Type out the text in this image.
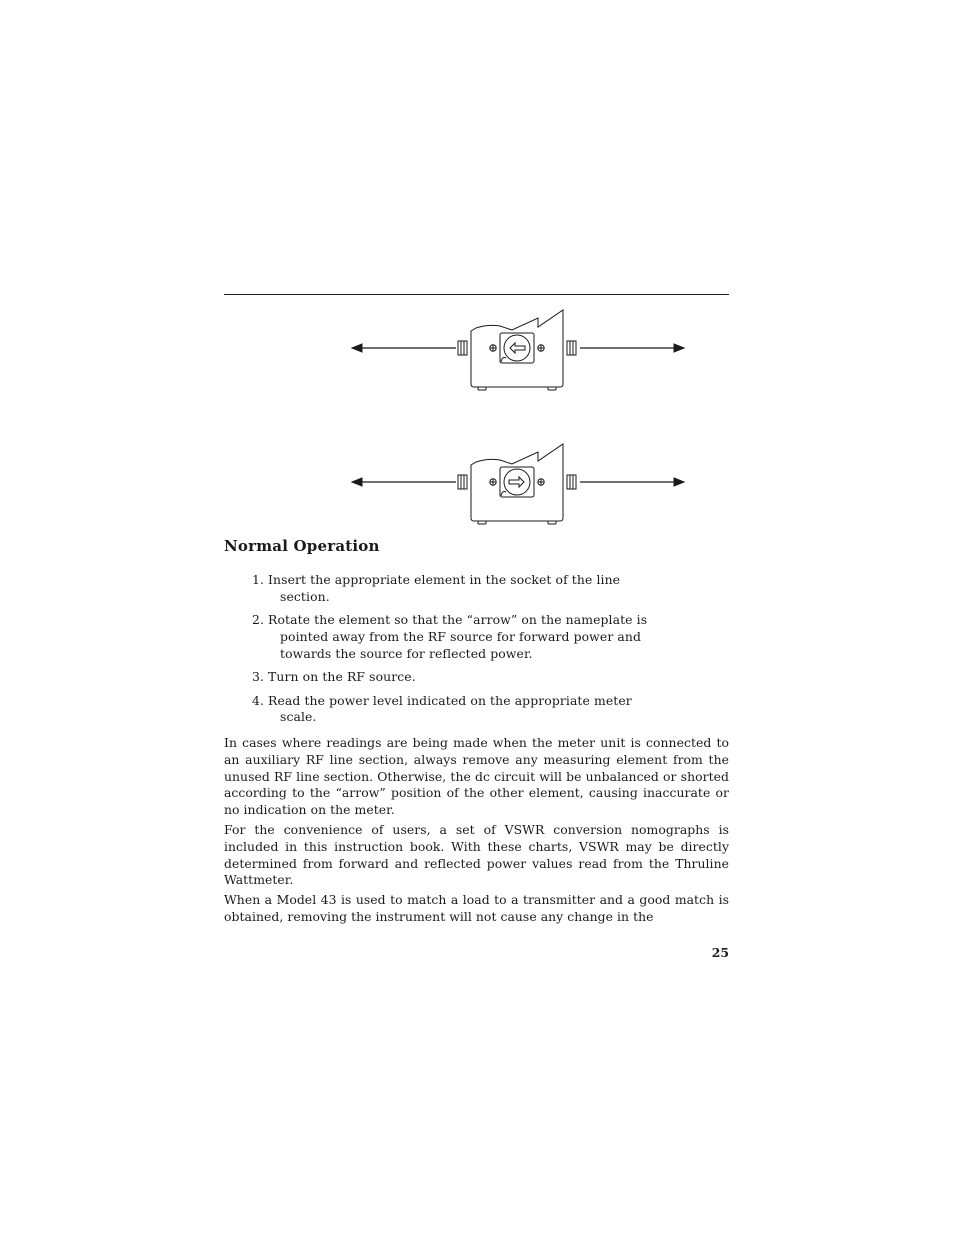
Normal Operation
1. Insert the appropriate element in the socket of the line section.
2. Rotate the element so that the “arrow” on the nameplate is pointed away from the RF source for forward power and towards the source for reflected power.
3. Turn on the RF source.
4. Read the power level indicated on the appropriate meter scale.

In cases where readings are being made when the meter unit is connected to an auxiliary RF line section, always remove any measuring element from the unused RF line section. Otherwise, the dc circuit will be unbalanced or shorted according to the “arrow” position of the other element, causing inaccurate or no indication on the meter.

For the convenience of users, a set of VSWR conversion nomographs is included in this instruction book. With these charts, VSWR may be directly determined from forward and reflected power values read from the Thruline Wattmeter.

When a Model 43 is used to match a load to a transmitter and a good match is obtained, removing the instrument will not cause any change in the

25
